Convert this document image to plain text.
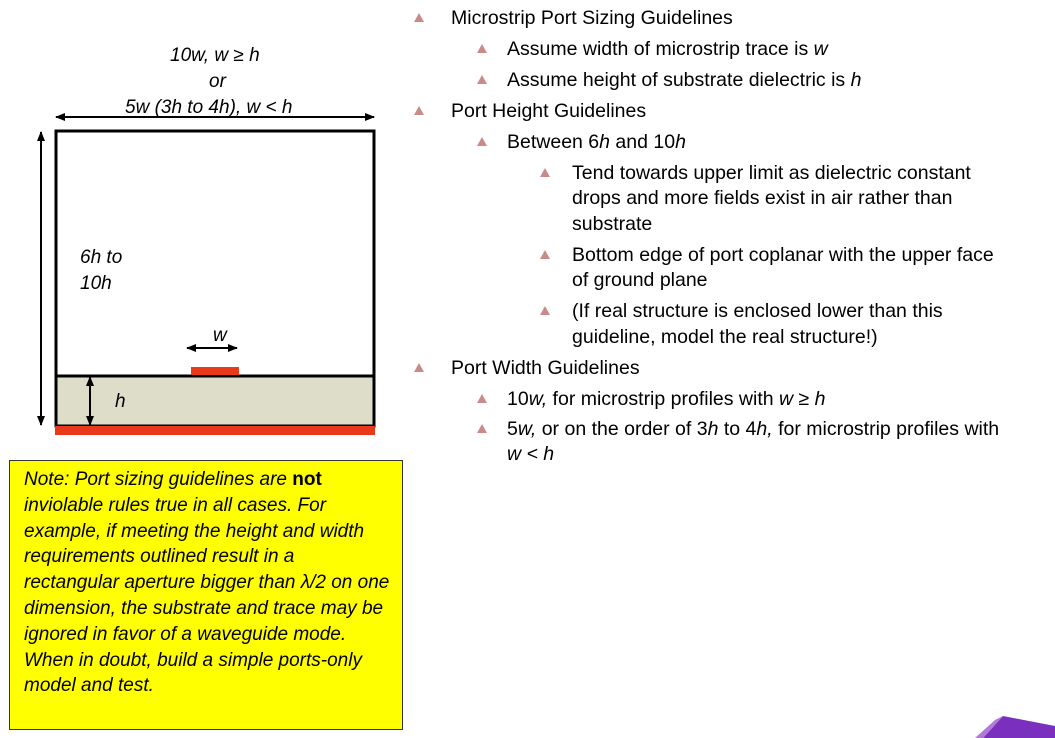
10w, w ≥ h
or
5w (3h to 4h), w < h
6h to
10h
w
h
Note: Port sizing guidelines are not inviolable rules true in all cases. For example, if meeting the height and width requirements outlined result in a rectangular aperture bigger than λ/2 on one dimension, the substrate and trace may be ignored in favor of a waveguide mode. When in doubt, build a simple ports-only model and test.
Microstrip Port Sizing Guidelines
Assume width of microstrip trace is w
Assume height of substrate dielectric is h
Port Height Guidelines
Between 6h and 10h
Tend towards upper limit as dielectric constant
drops and more fields exist in air rather than
substrate
Bottom edge of port coplanar with the upper face
of ground plane
(If real structure is enclosed lower than this
guideline, model the real structure!)
Port Width Guidelines
10w, for microstrip profiles with w ≥ h
5w, or on the order of 3h to 4h, for microstrip profiles with
w < h
